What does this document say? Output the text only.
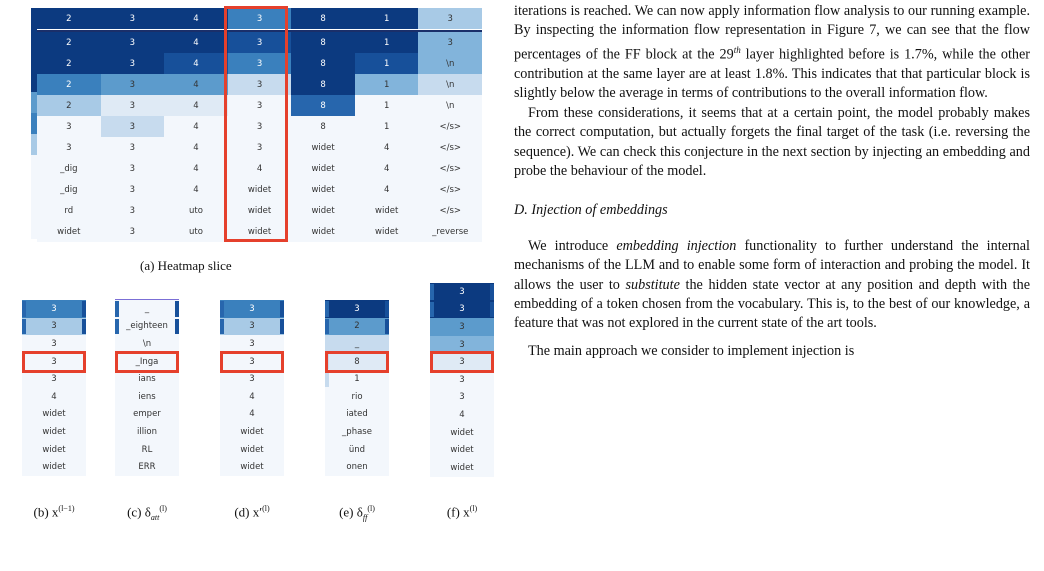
2	3	4	3	8	1	3
2	3	4	3	8	1	3
2	3	4	3	8	1	\n
2	3	4	3	8	1	\n
2	3	4	3	8	1	\n
3	3	4	3	8	1	</s>
3	3	4	3	widet	4	</s>
_dig	3	4	4	widet	4	</s>
_dig	3	4	widet	widet	4	</s>
rd	3	uto	widet	widet	widet	</s>
widet	3	uto	widet	widet	widet	_reverse
(a) Heatmap slice
3
3
3
3
3
4
widet
widet
widet
widet
_
_eighteen
\n
_Inga
ians
iens
emper
illion
RL
ERR
3
3
3
3
3
4
4
widet
widet
widet
3
2
_
8
1
rio
iated
_phase
ünd
onen
3
3
3
3
3
3
3
4
widet
widet
widet

iterations is reached. We can now apply information flow analysis to our running example. By inspecting the information flow representation in Figure 7, we can see that the flow percentages of the FF block at the 29th layer highlighted before is 1.7%, while the other contribution at the same layer are at least 1.8%. This indicates that that particular block is slightly below the average in terms of contributions to the overall information flow.

From these considerations, it seems that at a certain point, the model probably makes the correct computation, but actually forgets the final target of the task (i.e. reversing the sequence). We can check this conjecture in the next section by injecting an embedding and probe the behaviour of the model.

D. Injection of embeddings

We introduce embedding injection functionality to further understand the internal mechanisms of the LLM and to enable some form of interaction and probing the model. It allows the user to substitute the hidden state vector at any position and depth with the embedding of a token chosen from the vocabulary. This is, to the best of our knowledge, a feature that was not explored in the current state of the art tools.

The main approach we consider to implement injection is

(b) $x^{(l-1)}$	(c) $\delta_{att}^{(l)}$	(d) $x'^{(l)}$	(e) $\delta_{ff}^{(l)}$	(f) $x^{(l)}$
